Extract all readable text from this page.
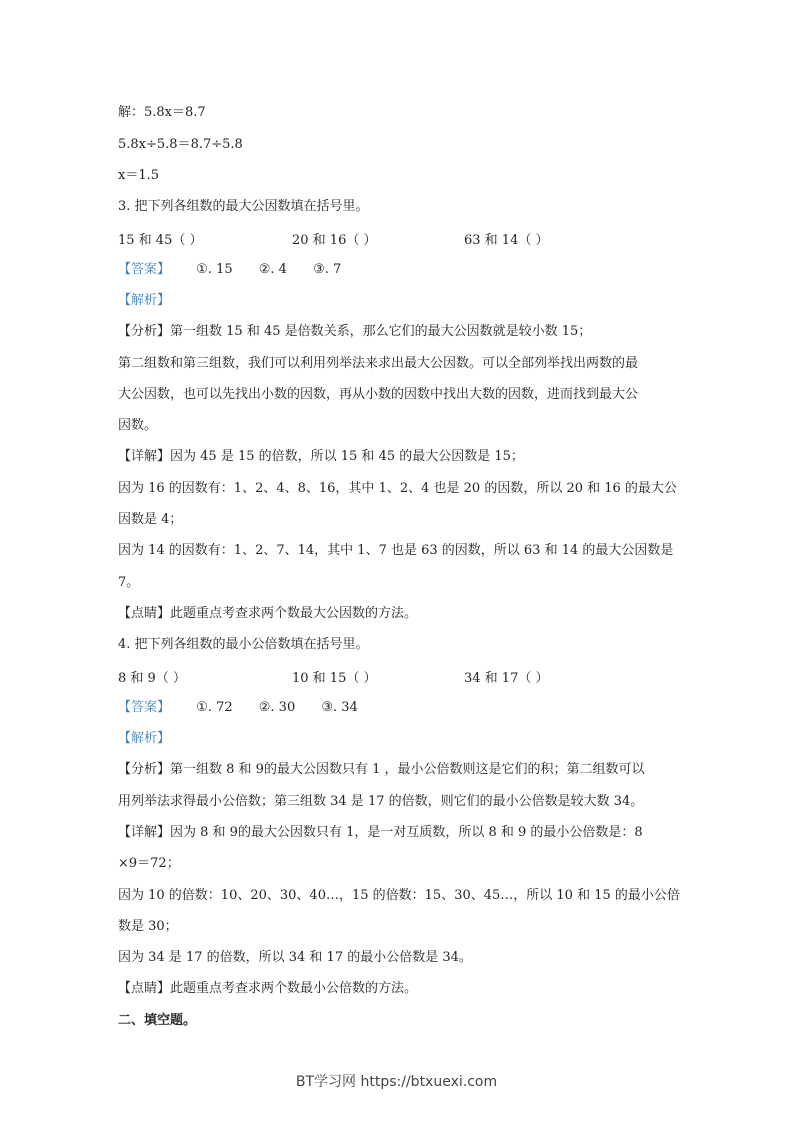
解：5.8x＝8.7
5.8x÷5.8＝8.7÷5.8
x＝1.5
3. 把下列各组数的最大公因数填在括号里。
15 和 45（ ）	20 和 16（ ）	63 和 14（ ）
【答案】 ①. 15 ②. 4 ③. 7
【解析】
【分析】第一组数 15 和 45 是倍数关系，那么它们的最大公因数就是较小数 15；
第二组数和第三组数，我们可以利用列举法来求出最大公因数。可以全部列举找出两数的最
大公因数，也可以先找出小数的因数，再从小数的因数中找出大数的因数，进而找到最大公
因数。
【详解】因为 45 是 15 的倍数，所以 15 和 45 的最大公因数是 15；
因为 16 的因数有：1、2、4、8、16，其中 1、2、4 也是 20 的因数，所以 20 和 16 的最大公
因数是 4；
因为 14 的因数有：1、2、7、14，其中 1、7 也是 63 的因数，所以 63 和 14 的最大公因数是
7。
【点睛】此题重点考查求两个数最大公因数的方法。
4. 把下列各组数的最小公倍数填在括号里。
8 和 9（ ）	10 和 15（ ）	34 和 17（ ）
【答案】 ①. 72 ②. 30 ③. 34
【解析】
【分析】第一组数 8 和 9的最大公因数只有 1 ，最小公倍数则这是它们的积；第二组数可以
用列举法求得最小公倍数；第三组数 34 是 17 的倍数，则它们的最小公倍数是较大数 34。
【详解】因为 8 和 9的最大公因数只有 1，是一对互质数，所以 8 和 9 的最小公倍数是：8
×9＝72；
因为 10 的倍数：10、20、30、40…，15 的倍数：15、30、45…，所以 10 和 15 的最小公倍
数是 30；
因为 34 是 17 的倍数，所以 34 和 17 的最小公倍数是 34。
【点睛】此题重点考查求两个数最小公倍数的方法。
二、填空题。
BT学习网 https://btxuexi.com
